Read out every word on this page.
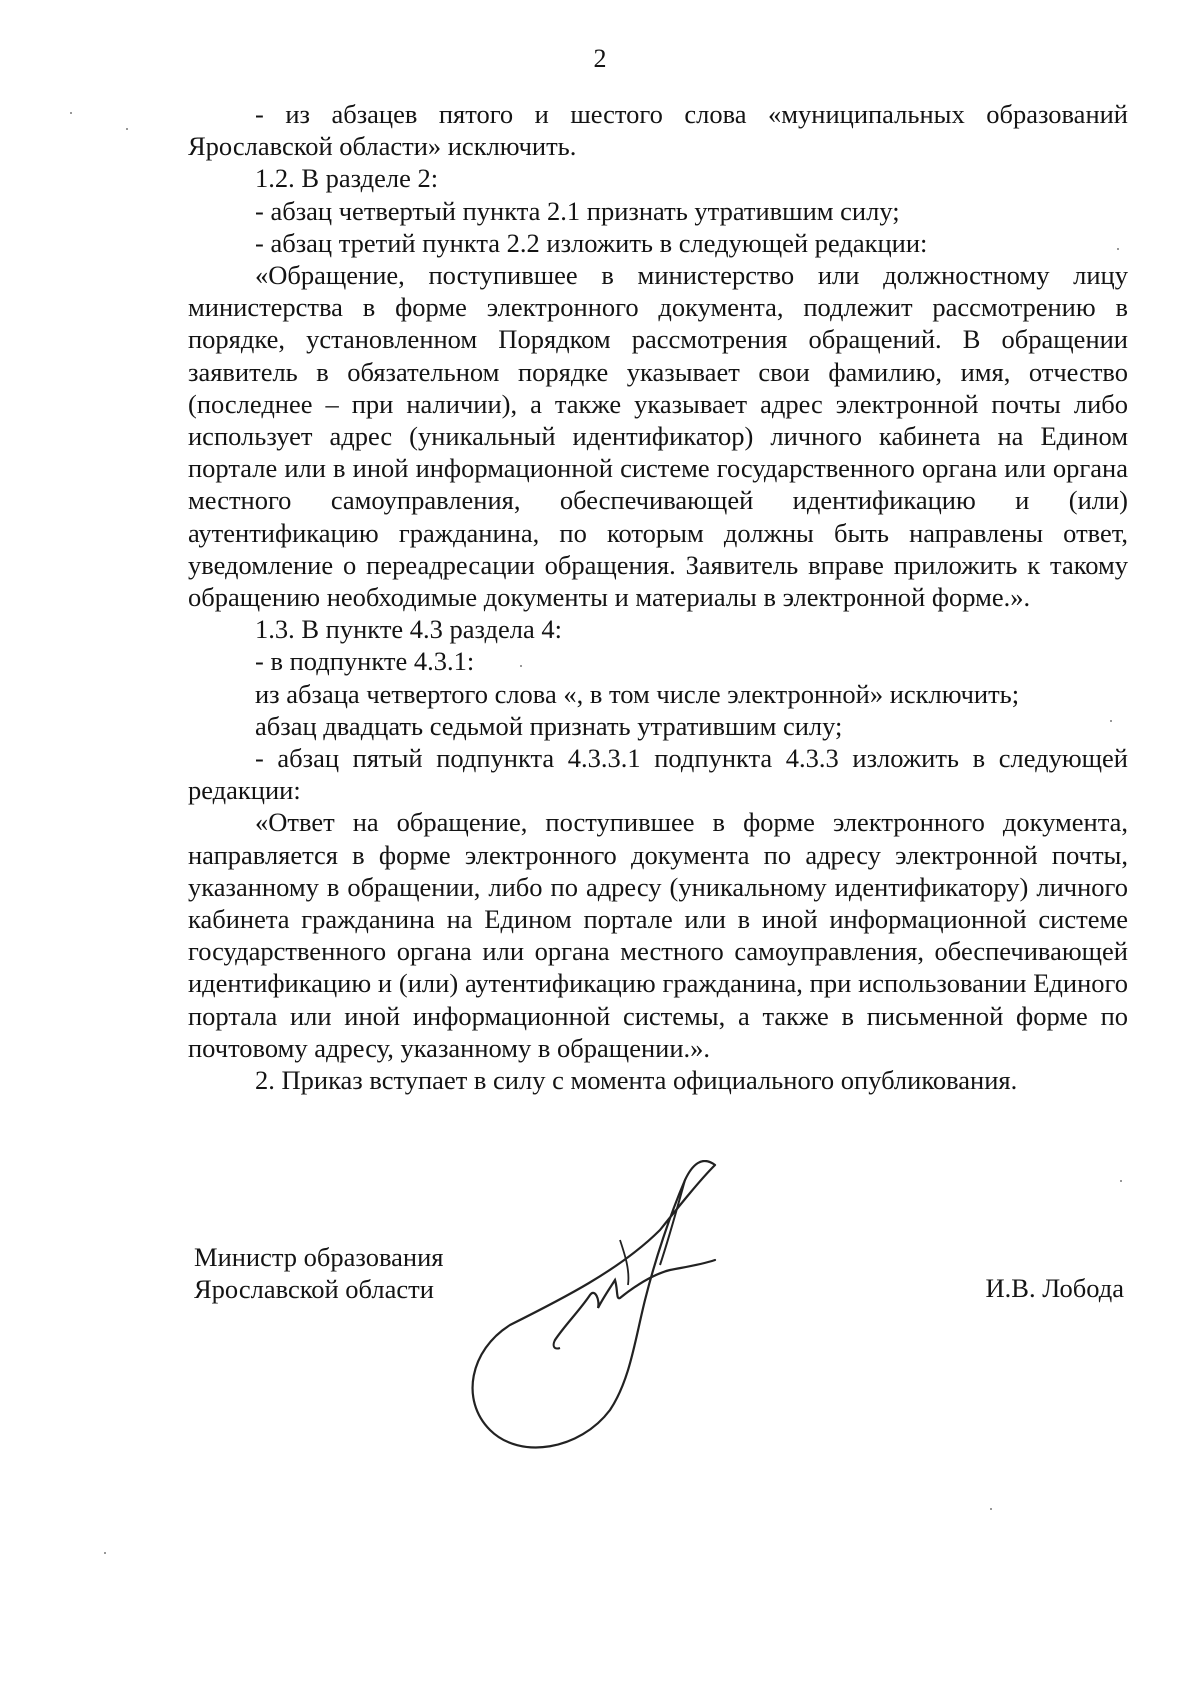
2

- из абзацев пятого и шестого слова «муниципальных образований Ярославской области» исключить.

1.2. В разделе 2:

- абзац четвертый пункта 2.1 признать утратившим силу;

- абзац третий пункта 2.2 изложить в следующей редакции:

«Обращение, поступившее в министерство или должностному лицу министерства в форме электронного документа, подлежит рассмотрению в порядке, установленном Порядком рассмотрения обращений. В обращении заявитель в обязательном порядке указывает свои фамилию, имя, отчество (последнее – при наличии), а также указывает адрес электронной почты либо использует адрес (уникальный идентификатор) личного кабинета на Едином портале или в иной информационной системе государственного органа или органа местного самоуправления, обеспечивающей идентификацию и (или) аутентификацию гражданина, по которым должны быть направлены ответ, уведомление о переадресации обращения. Заявитель вправе приложить к такому обращению необходимые документы и материалы в электронной форме.».

1.3. В пункте 4.3 раздела 4:

- в подпункте 4.3.1:

из абзаца четвертого слова «, в том числе электронной» исключить;

абзац двадцать седьмой признать утратившим силу;

- абзац пятый подпункта 4.3.3.1 подпункта 4.3.3 изложить в следующей редакции:

«Ответ на обращение, поступившее в форме электронного документа, направляется в форме электронного документа по адресу электронной почты, указанному в обращении, либо по адресу (уникальному идентификатору) личного кабинета гражданина на Едином портале или в иной информационной системе государственного органа или органа местного самоуправления, обеспечивающей идентификацию и (или) аутентификацию гражданина, при использовании Единого портала или иной информационной системы, а также в письменной форме по почтовому адресу, указанному в обращении.».

2. Приказ вступает в силу с момента официального опубликования.

Министр образования
Ярославской области	И.В. Лобода
